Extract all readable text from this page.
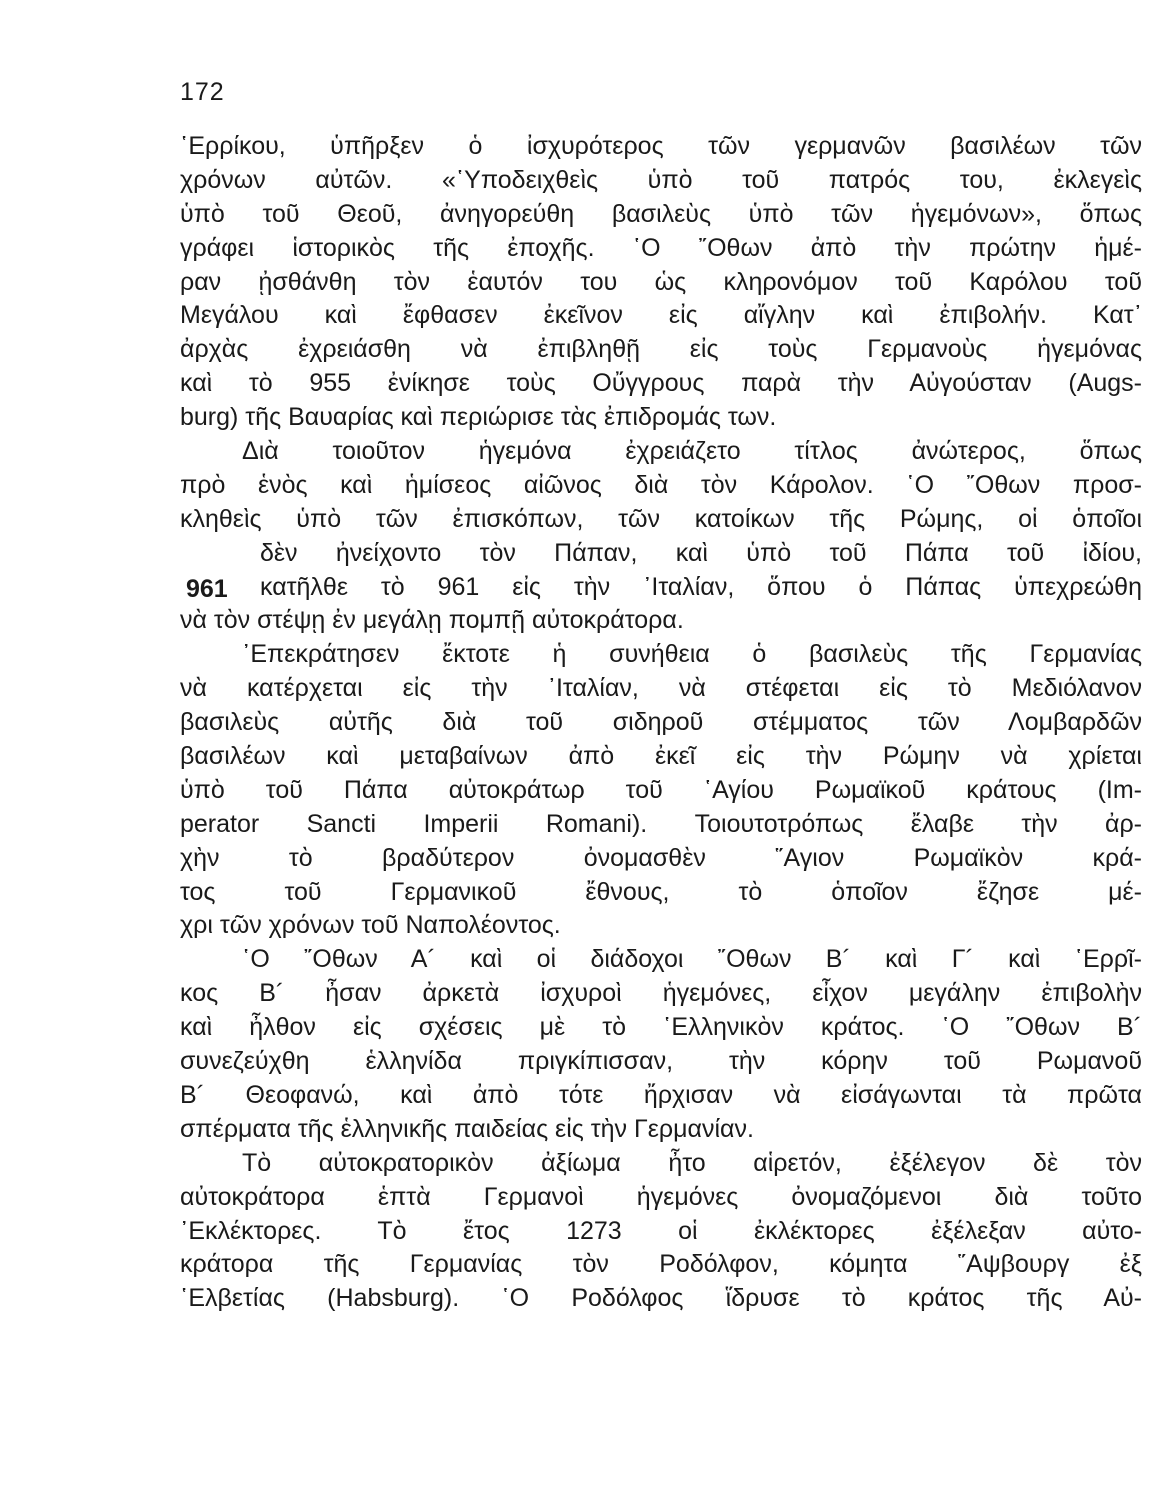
172
961
῾Ερρίκου, ὑπῆρξεν ὁ ἰσχυρότερος τῶν γερμανῶν βασιλέων τῶν
χρόνων αὐτῶν. «῾Υποδειχθεὶς ὑπὸ τοῦ πατρός του, ἐκλεγεὶς
ὑπὸ τοῦ Θεοῦ, ἀνηγορεύθη βασιλεὺς ὑπὸ τῶν ἡγεμόνων», ὅπως
γράφει ἱστορικὸς τῆς ἐποχῆς. ῾Ο ῎Οθων ἀπὸ τὴν πρώτην ἡμέ-
ραν ᾐσθάνθη τὸν ἑαυτόν του ὡς κληρονόμον τοῦ Καρόλου τοῦ
Μεγάλου καὶ ἔφθασεν ἐκεῖνον εἰς αἴγλην καὶ ἐπιβολήν. Κατ᾽
ἀρχὰς ἐχρειάσθη νὰ ἐπιβληθῇ εἰς τοὺς Γερμανοὺς ἡγεμόνας
καὶ τὸ 955 ἐνίκησε τοὺς Οὔγγρους παρὰ τὴν Αὐγούσταν (Augs-
burg) τῆς Βαυαρίας καὶ περιώρισε τὰς ἐπιδρομάς των.
Διὰ τοιοῦτον ἡγεμόνα ἐχρειάζετο τίτλος ἀνώτερος, ὅπως
πρὸ ἑνὸς καὶ ἡμίσεος αἰῶνος διὰ τὸν Κάρολον. ῾Ο ῎Οθων προσ-
κληθεὶς ὑπὸ τῶν ἐπισκόπων, τῶν κατοίκων τῆς Ρώμης, οἱ ὁποῖοι
δὲν ἠνείχοντο τὸν Πάπαν, καὶ ὑπὸ τοῦ Πάπα τοῦ ἰδίου,
κατῆλθε τὸ 961 εἰς τὴν ᾽Ιταλίαν, ὅπου ὁ Πάπας ὑπεχρεώθη
νὰ τὸν στέψῃ ἐν μεγάλῃ πομπῇ αὐτοκράτορα.
᾽Επεκράτησεν ἔκτοτε ἡ συνήθεια ὁ βασιλεὺς τῆς Γερμανίας
νὰ κατέρχεται εἰς τὴν ᾽Ιταλίαν, νὰ στέφεται εἰς τὸ Μεδιόλανον
βασιλεὺς αὐτῆς διὰ τοῦ σιδηροῦ στέμματος τῶν Λομβαρδῶν
βασιλέων καὶ μεταβαίνων ἀπὸ ἐκεῖ εἰς τὴν Ρώμην νὰ χρίεται
ὑπὸ τοῦ Πάπα αὐτοκράτωρ τοῦ ῾Αγίου Ρωμαϊκοῦ κράτους (Im-
perator Sancti Imperii Romani). Τοιουτοτρόπως ἔλαβε τὴν ἀρ-
χὴν τὸ βραδύτερον ὀνομασθὲν ῞Αγιον Ρωμαϊκὸν κρά-
τος τοῦ Γερμανικοῦ ἔθνους, τὸ ὁποῖον ἔζησε μέ-
χρι τῶν χρόνων τοῦ Ναπολέοντος.
῾Ο ῎Οθων Α´ καὶ οἱ διάδοχοι ῎Οθων Β´ καὶ Γ´ καὶ ῾Ερρῖ-
κος Β´ ἦσαν ἀρκετὰ ἰσχυροὶ ἡγεμόνες, εἶχον μεγάλην ἐπιβολὴν
καὶ ἦλθον εἰς σχέσεις μὲ τὸ ῾Ελληνικὸν κράτος. ῾Ο ῎Οθων Β´
συνεζεύχθη ἑλληνίδα πριγκίπισσαν, τὴν κόρην τοῦ Ρωμανοῦ
Β´ Θεοφανώ, καὶ ἀπὸ τότε ἤρχισαν νὰ εἰσάγωνται τὰ πρῶτα
σπέρματα τῆς ἑλληνικῆς παιδείας εἰς τὴν Γερμανίαν.
Τὸ αὐτοκρατορικὸν ἀξίωμα ἦτο αἱρετόν, ἐξέλεγον δὲ τὸν
αὐτοκράτορα ἑπτὰ Γερμανοὶ ἡγεμόνες ὀνομαζόμενοι διὰ τοῦτο
᾽Εκλέκτορες. Τὸ ἔτος 1273 οἱ ἐκλέκτορες ἐξέλεξαν αὐτο-
κράτορα τῆς Γερμανίας τὸν Ροδόλφον, κόμητα ῞Αψβουργ ἐξ
῾Ελβετίας (Habsburg). ῾Ο Ροδόλφος ἵδρυσε τὸ κράτος τῆς Αὐ-
